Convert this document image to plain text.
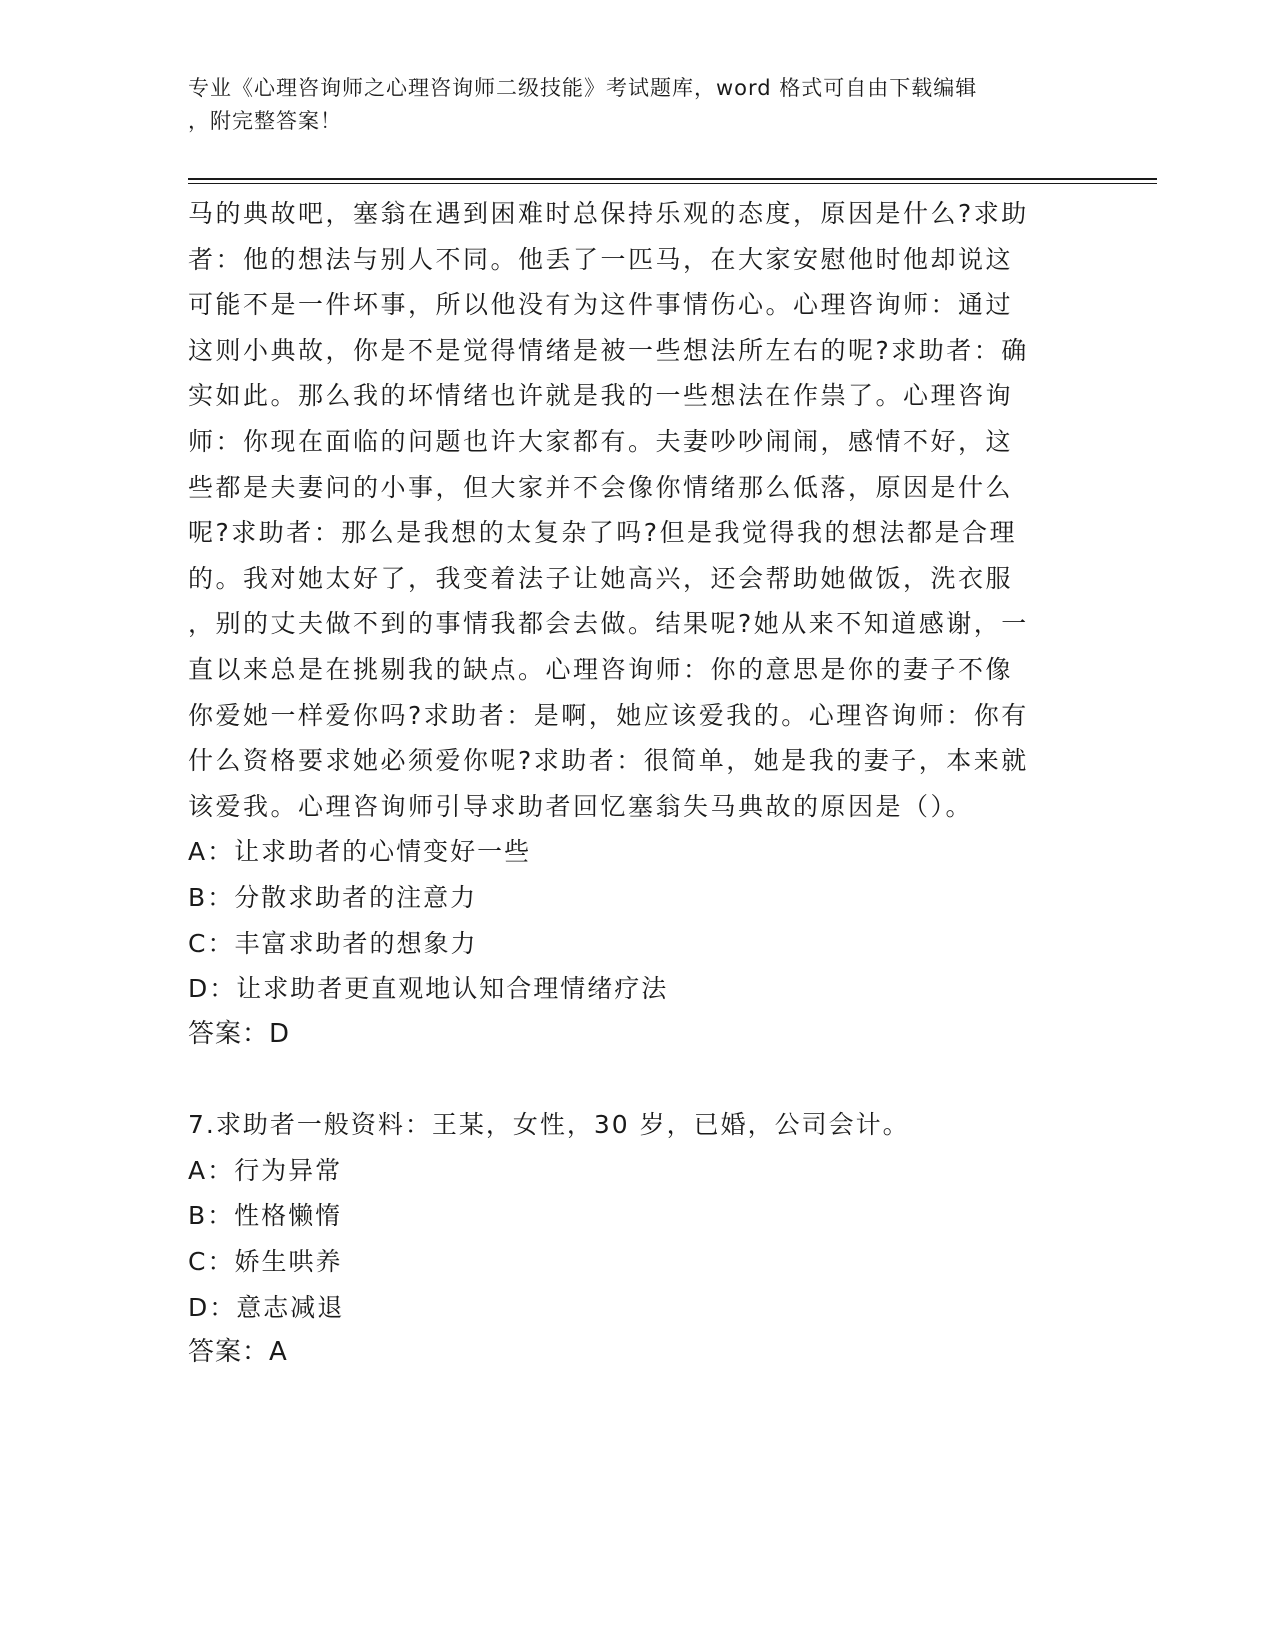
专业《心理咨询师之心理咨询师二级技能》考试题库，word 格式可自由下载编辑
，附完整答案！
马的典故吧，塞翁在遇到困难时总保持乐观的态度，原因是什么?求助
者：他的想法与别人不同。他丢了一匹马，在大家安慰他时他却说这
可能不是一件坏事，所以他没有为这件事情伤心。心理咨询师：通过
这则小典故，你是不是觉得情绪是被一些想法所左右的呢?求助者：确
实如此。那么我的坏情绪也许就是我的一些想法在作祟了。心理咨询
师：你现在面临的问题也许大家都有。夫妻吵吵闹闹，感情不好，这
些都是夫妻问的小事，但大家并不会像你情绪那么低落，原因是什么
呢?求助者：那么是我想的太复杂了吗?但是我觉得我的想法都是合理
的。我对她太好了，我变着法子让她高兴，还会帮助她做饭，洗衣服
，别的丈夫做不到的事情我都会去做。结果呢?她从来不知道感谢，一
直以来总是在挑剔我的缺点。心理咨询师：你的意思是你的妻子不像
你爱她一样爱你吗?求助者：是啊，她应该爱我的。心理咨询师：你有
什么资格要求她必须爱你呢?求助者：很简单，她是我的妻子，本来就
该爱我。心理咨询师引导求助者回忆塞翁失马典故的原因是（）。
A：让求助者的心情变好一些
B：分散求助者的注意力
C：丰富求助者的想象力
D：让求助者更直观地认知合理情绪疗法
答案：D
7.求助者一般资料：王某，女性，30 岁，已婚，公司会计。
A：行为异常
B：性格懒惰
C：娇生哄养
D：意志减退
答案：A
